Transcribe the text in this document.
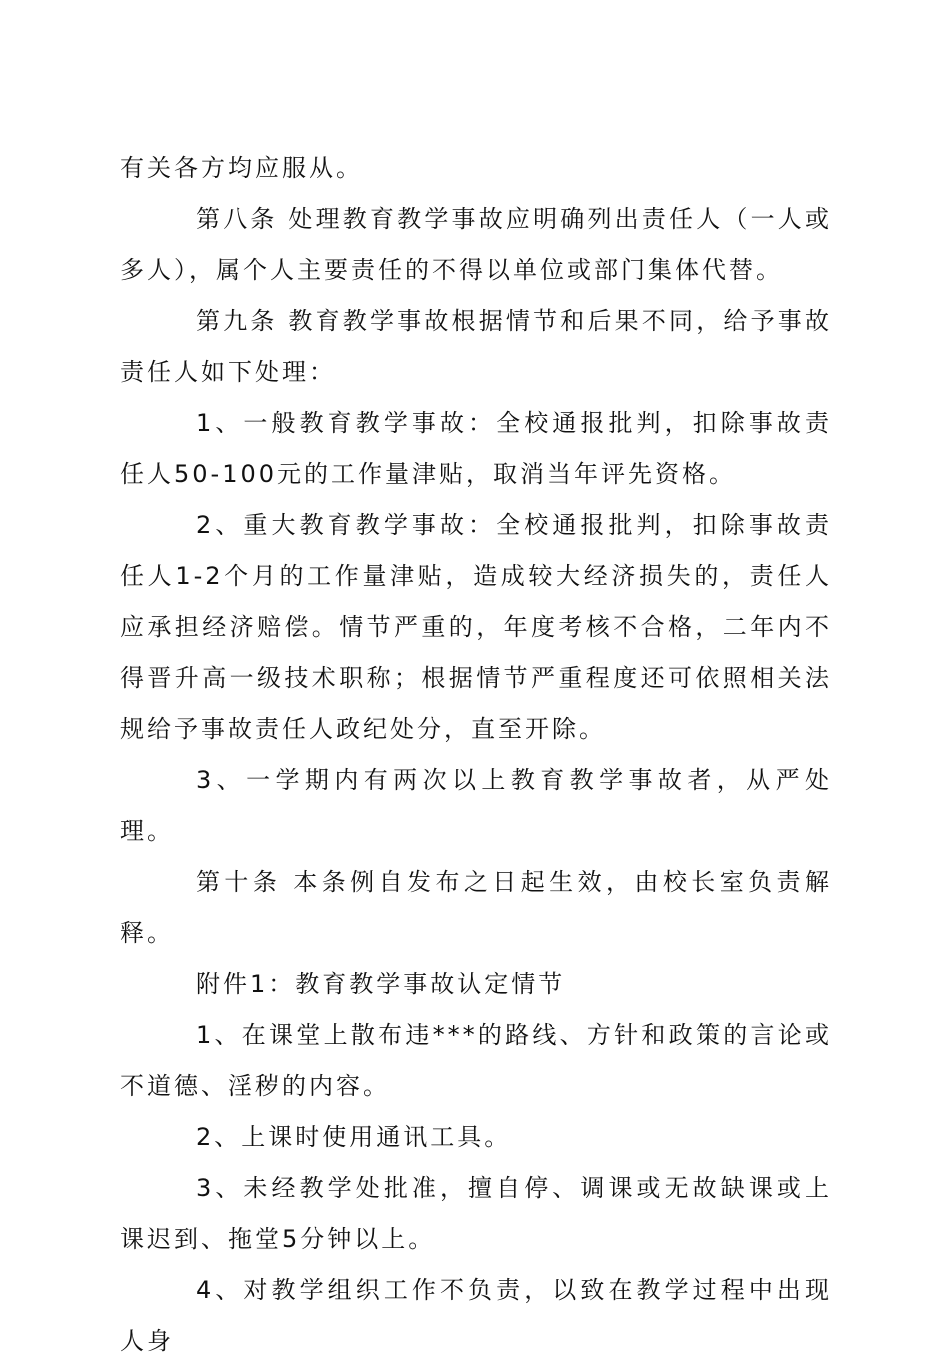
有关各方均应服从。

第八条 处理教育教学事故应明确列出责任人（一人或多人），属个人主要责任的不得以单位或部门集体代替。

第九条 教育教学事故根据情节和后果不同，给予事故责任人如下处理：

1、一般教育教学事故：全校通报批判，扣除事故责任人50-100元的工作量津贴，取消当年评先资格。

2、重大教育教学事故：全校通报批判，扣除事故责任人1-2个月的工作量津贴，造成较大经济损失的，责任人应承担经济赔偿。情节严重的，年度考核不合格，二年内不得晋升高一级技术职称；根据情节严重程度还可依照相关法规给予事故责任人政纪处分，直至开除。

3、一学期内有两次以上教育教学事故者，从严处理。

第十条 本条例自发布之日起生效，由校长室负责解释。

附件1：教育教学事故认定情节

1、在课堂上散布违***的路线、方针和政策的言论或不道德、淫秽的内容。

2、上课时使用通讯工具。

3、未经教学处批准，擅自停、调课或无故缺课或上课迟到、拖堂5分钟以上。

4、对教学组织工作不负责，以致在教学过程中出现人身
